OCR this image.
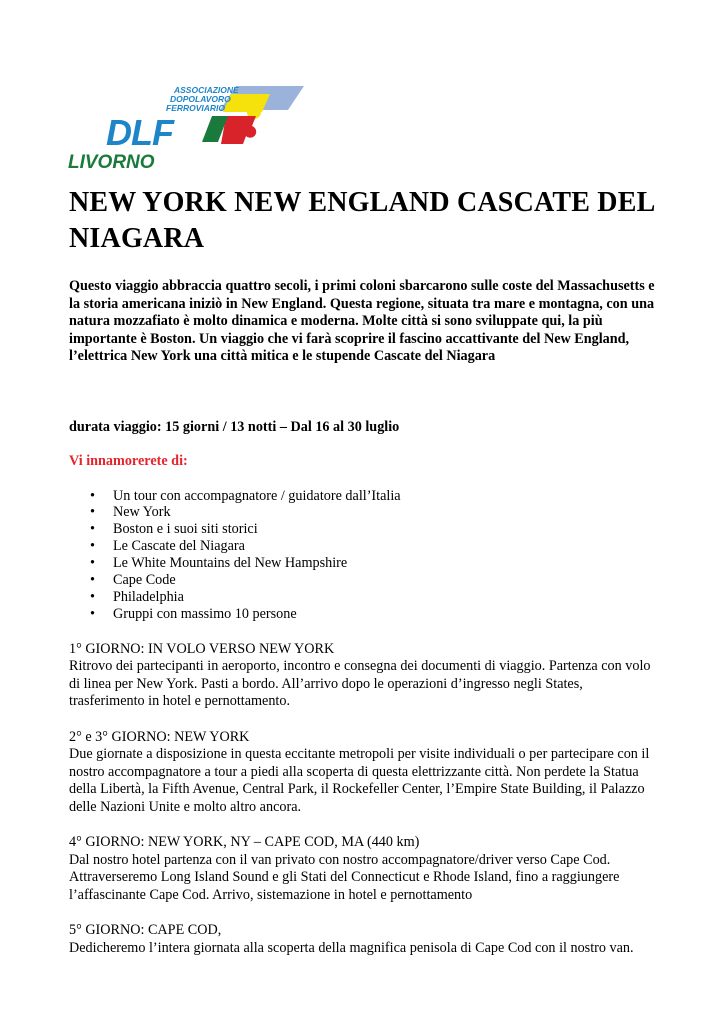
ASSOCIAZIONE
DOPOLAVORO
FERROVIARIO
DLF
LIVORNO
NEW YORK NEW ENGLAND CASCATE DEL NIAGARA

Questo viaggio abbraccia quattro secoli, i primi coloni sbarcarono sulle coste del Massachusetts e la storia americana iniziò in New England. Questa regione, situata tra mare e montagna, con una natura mozzafiato è molto dinamica e moderna. Molte città si sono sviluppate qui, la più importante è Boston. Un viaggio che vi farà scoprire il fascino accattivante del New England, l’elettrica New York una città mitica e le stupende Cascate del Niagara

durata viaggio: 15 giorni / 13 notti – Dal 16 al 30 luglio

Vi innamorerete di:

• Un tour con accompagnatore / guidatore dall’Italia
• New York
• Boston e i suoi siti storici
• Le Cascate del Niagara
• Le White Mountains del New Hampshire
• Cape Code
• Philadelphia
• Gruppi con massimo 10 persone

1° GIORNO: IN VOLO VERSO NEW YORK

Ritrovo dei partecipanti in aeroporto, incontro e consegna dei documenti di viaggio. Partenza con volo di linea per New York. Pasti a bordo. All’arrivo dopo le operazioni d’ingresso negli States, trasferimento in hotel e pernottamento.

2° e 3° GIORNO: NEW YORK

Due giornate a disposizione in questa eccitante metropoli per visite individuali o per partecipare con il nostro accompagnatore a tour a piedi alla scoperta di questa elettrizzante città. Non perdete la Statua della Libertà, la Fifth Avenue, Central Park, il Rockefeller Center, l’Empire State Building, il Palazzo delle Nazioni Unite e molto altro ancora.

4° GIORNO: NEW YORK, NY – CAPE COD, MA (440 km)

Dal nostro hotel partenza con il van privato con nostro accompagnatore/driver verso Cape Cod. Attraverseremo Long Island Sound e gli Stati del Connecticut e Rhode Island, fino a raggiungere l’affascinante Cape Cod. Arrivo, sistemazione in hotel e pernottamento

5° GIORNO: CAPE COD,

Dedicheremo l’intera giornata alla scoperta della magnifica penisola di Cape Cod con il nostro van.
